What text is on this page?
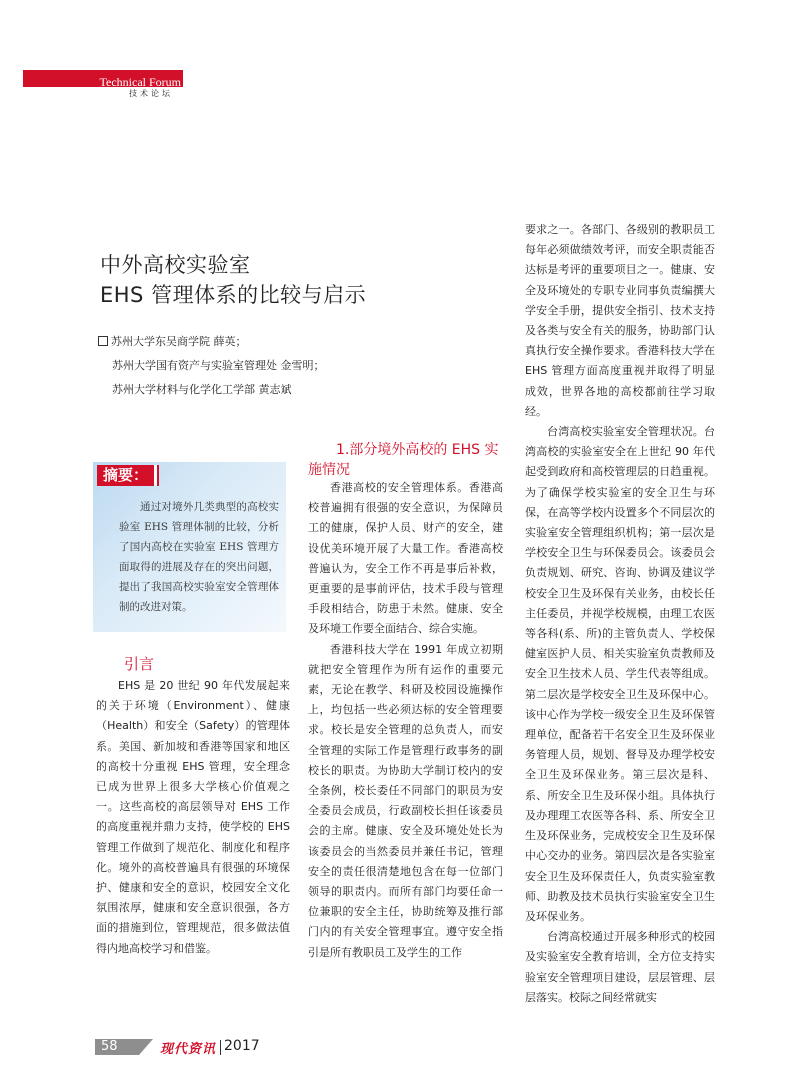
Technical Forum
技术论坛
中外高校实验室
EHS 管理体系的比较与启示
苏州大学东吴商学院 薛英；
苏州大学国有资产与实验室管理处 金雪明；
苏州大学材料与化学化工学部 黄志斌
摘要：
通过对境外几类典型的高校实验室 EHS 管理体制的比较，分析了国内高校在实验室 EHS 管理方面取得的进展及存在的突出问题，提出了我国高校实验室安全管理体制的改进对策。
引言

EHS 是 20 世纪 90 年代发展起来的关于环境（Environment）、健康（Health）和安全（Safety）的管理体系。美国、新加坡和香港等国家和地区的高校十分重视 EHS 管理，安全理念已成为世界上很多大学核心价值观之一。这些高校的高层领导对 EHS 工作的高度重视并鼎力支持，使学校的 EHS 管理工作做到了规范化、制度化和程序化。境外的高校普遍具有很强的环境保护、健康和安全的意识，校园安全文化氛围浓厚，健康和安全意识很强，各方面的措施到位，管理规范，很多做法值得内地高校学习和借鉴。

1.部分境外高校的 EHS 实施情况

香港高校的安全管理体系。香港高校普遍拥有很强的安全意识，为保障员工的健康，保护人员、财产的安全，建设优美环境开展了大量工作。香港高校普遍认为，安全工作不再是事后补救，更重要的是事前评估，技术手段与管理手段相结合，防患于未然。健康、安全及环境工作要全面结合、综合实施。

香港科技大学在 1991 年成立初期就把安全管理作为所有运作的重要元素，无论在教学、科研及校园设施操作上，均包括一些必须达标的安全管理要求。校长是安全管理的总负责人，而安全管理的实际工作是管理行政事务的副校长的职责。为协助大学制订校内的安全条例，校长委任不同部门的职员为安全委员会成员，行政副校长担任该委员会的主席。健康、安全及环境处处长为该委员会的当然委员并兼任书记，管理安全的责任很清楚地包含在每一位部门领导的职责内。而所有部门均要任命一位兼职的安全主任，协助统筹及推行部门内的有关安全管理事宜。遵守安全指引是所有教职员工及学生的工作

要求之一。各部门、各级别的教职员工每年必须做绩效考评，而安全职责能否达标是考评的重要项目之一。健康、安全及环境处的专职专业同事负责编撰大学安全手册，提供安全指引、技术支持及各类与安全有关的服务，协助部门认真执行安全操作要求。香港科技大学在 EHS 管理方面高度重视并取得了明显成效，世界各地的高校都前往学习取经。

台湾高校实验室安全管理状况。台湾高校的实验室安全在上世纪 90 年代起受到政府和高校管理层的日趋重视。为了确保学校实验室的安全卫生与环保，在高等学校内设置多个不同层次的实验室安全管理组织机构；第一层次是学校安全卫生与环保委员会。该委员会负责规划、研究、咨询、协调及建议学校安全卫生及环保有关业务，由校长任主任委员，并视学校规模，由理工农医等各科(系、所)的主管负责人、学校保健室医护人员、相关实验室负责教师及安全卫生技术人员、学生代表等组成。第二层次是学校安全卫生及环保中心。该中心作为学校一级安全卫生及环保管理单位，配备若干名安全卫生及环保业务管理人员，规划、督导及办理学校安全卫生及环保业务。第三层次是科、系、所安全卫生及环保小组。具体执行及办理理工农医等各科、系、所安全卫生及环保业务，完成校安全卫生及环保中心交办的业务。第四层次是各实验室安全卫生及环保责任人，负责实验室教师、助教及技术员执行实验室安全卫生及环保业务。

台湾高校通过开展多种形式的校园及实验室安全教育培训，全方位支持实验室安全管理项目建设，层层管理、层层落实。校际之间经常就实

58	现代资讯 2017
